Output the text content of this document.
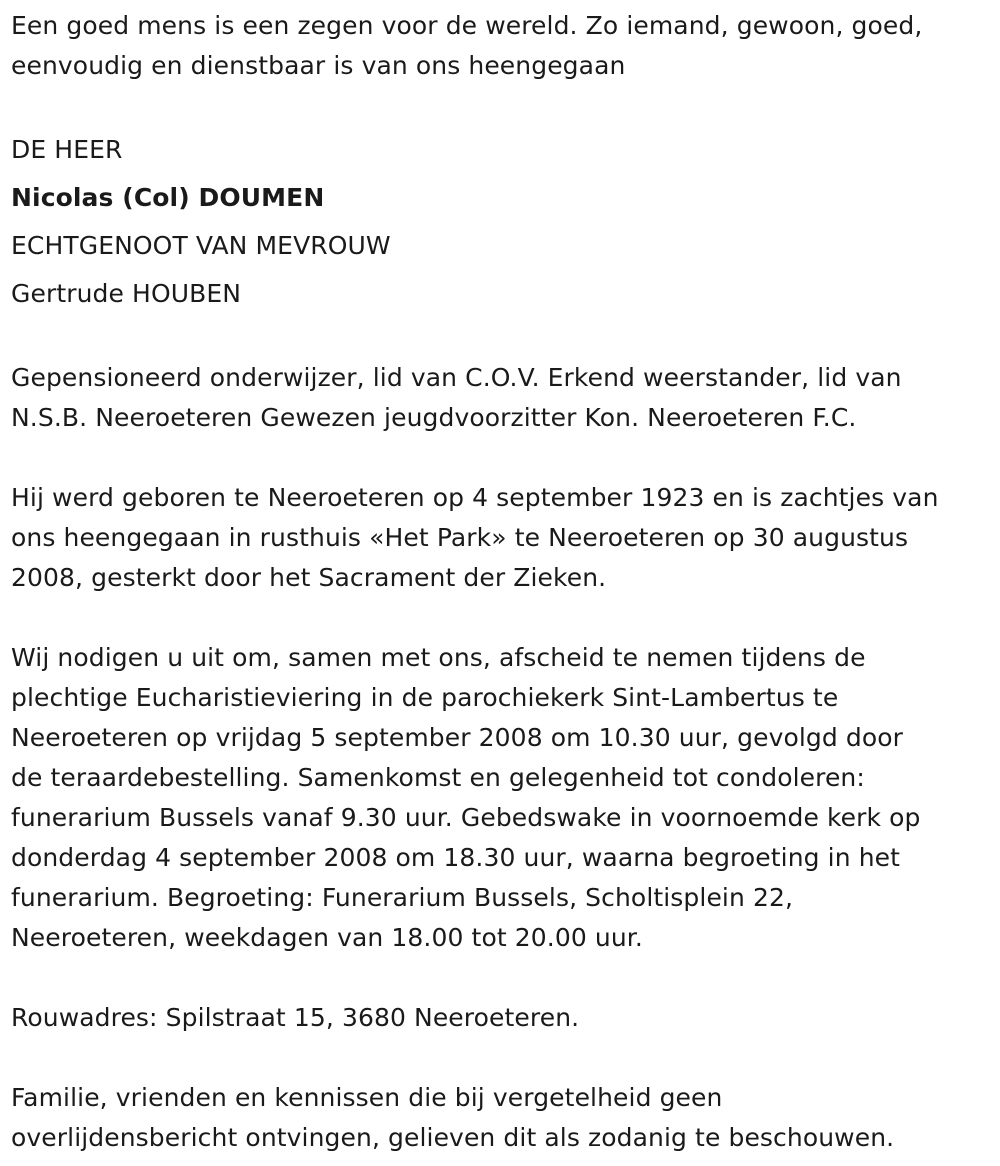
Een goed mens is een zegen voor de wereld. Zo iemand, gewoon, goed,
eenvoudig en dienstbaar is van ons heengegaan
DE HEER
Nicolas (Col) DOUMEN
ECHTGENOOT VAN MEVROUW
Gertrude HOUBEN
Gepensioneerd onderwijzer, lid van C.O.V. Erkend weerstander, lid van
N.S.B. Neeroeteren Gewezen jeugdvoorzitter Kon. Neeroeteren F.C.
Hij werd geboren te Neeroeteren op 4 september 1923 en is zachtjes van
ons heengegaan in rusthuis «Het Park» te Neeroeteren op 30 augustus
2008, gesterkt door het Sacrament der Zieken.
Wij nodigen u uit om, samen met ons, afscheid te nemen tijdens de
plechtige Eucharistieviering in de parochiekerk Sint-Lambertus te
Neeroeteren op vrijdag 5 september 2008 om 10.30 uur, gevolgd door
de teraardebestelling. Samenkomst en gelegenheid tot condoleren:
funerarium Bussels vanaf 9.30 uur. Gebedswake in voornoemde kerk op
donderdag 4 september 2008 om 18.30 uur, waarna begroeting in het
funerarium. Begroeting: Funerarium Bussels, Scholtisplein 22,
Neeroeteren, weekdagen van 18.00 tot 20.00 uur.
Rouwadres: Spilstraat 15, 3680 Neeroeteren.
Familie, vrienden en kennissen die bij vergetelheid geen
overlijdensbericht ontvingen, gelieven dit als zodanig te beschouwen.
